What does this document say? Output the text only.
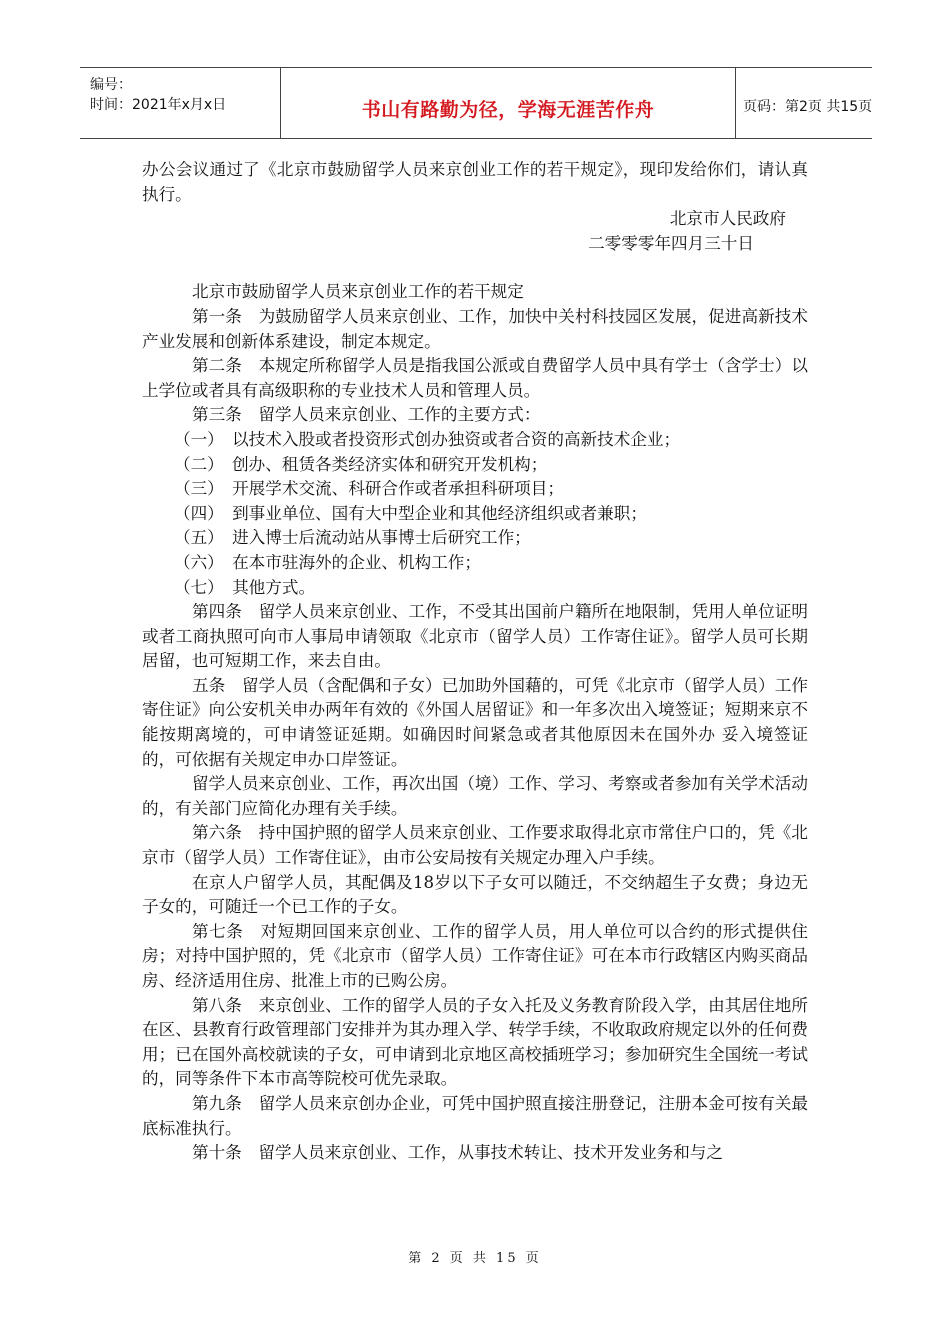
编号：
时间：2021年x月x日	书山有路勤为径，学海无涯苦作舟	页码：第2页 共15页

办公会议通过了《北京市鼓励留学人员来京创业工作的若干规定》，现印发给你们，请认真执行。

北京市人民政府

二零零零年四月三十日

北京市鼓励留学人员来京创业工作的若干规定

第一条　为鼓励留学人员来京创业、工作，加快中关村科技园区发展，促进高新技术产业发展和创新体系建设，制定本规定。

第二条　本规定所称留学人员是指我国公派或自费留学人员中具有学士（含学士）以上学位或者具有高级职称的专业技术人员和管理人员。

第三条　留学人员来京创业、工作的主要方式：

（一）　以技术入股或者投资形式创办独资或者合资的高新技术企业；

（二）　创办、租赁各类经济实体和研究开发机构；

（三）　开展学术交流、科研合作或者承担科研项目；

（四）　到事业单位、国有大中型企业和其他经济组织或者兼职；

（五）　进入博士后流动站从事博士后研究工作；

（六）　在本市驻海外的企业、机构工作；

（七）　其他方式。

第四条　留学人员来京创业、工作，不受其出国前户籍所在地限制，凭用人单位证明或者工商执照可向市人事局申请领取《北京市（留学人员）工作寄住证》。留学人员可长期居留，也可短期工作，来去自由。

五条　留学人员（含配偶和子女）已加助外国藉的，可凭《北京市（留学人员）工作寄住证》向公安机关申办两年有效的《外国人居留证》和一年多次出入境签证；短期来京不能按期离境的，可申请签证延期。如确因时间紧急或者其他原因未在国外办 妥入境签证的，可依据有关规定申办口岸签证。

留学人员来京创业、工作，再次出国（境）工作、学习、考察或者参加有关学术活动的，有关部门应简化办理有关手续。

第六条　持中国护照的留学人员来京创业、工作要求取得北京市常住户口的，凭《北京市（留学人员）工作寄住证》，由市公安局按有关规定办理入户手续。

在京人户留学人员，其配偶及18岁以下子女可以随迁，不交纳超生子女费；身边无子女的，可随迁一个已工作的子女。

第七条　对短期回国来京创业、工作的留学人员，用人单位可以合约的形式提供住房；对持中国护照的，凭《北京市（留学人员）工作寄住证》可在本市行政辖区内购买商品房、经济适用住房、批准上市的已购公房。

第八条　来京创业、工作的留学人员的子女入托及义务教育阶段入学，由其居住地所在区、县教育行政管理部门安排并为其办理入学、转学手续，不收取政府规定以外的任何费用；已在国外高校就读的子女，可申请到北京地区高校插班学习；参加研究生全国统一考试的，同等条件下本市高等院校可优先录取。

第九条　留学人员来京创办企业，可凭中国护照直接注册登记，注册本金可按有关最底标准执行。

第十条　留学人员来京创业、工作，从事技术转让、技术开发业务和与之

第 2 页 共 15 页
